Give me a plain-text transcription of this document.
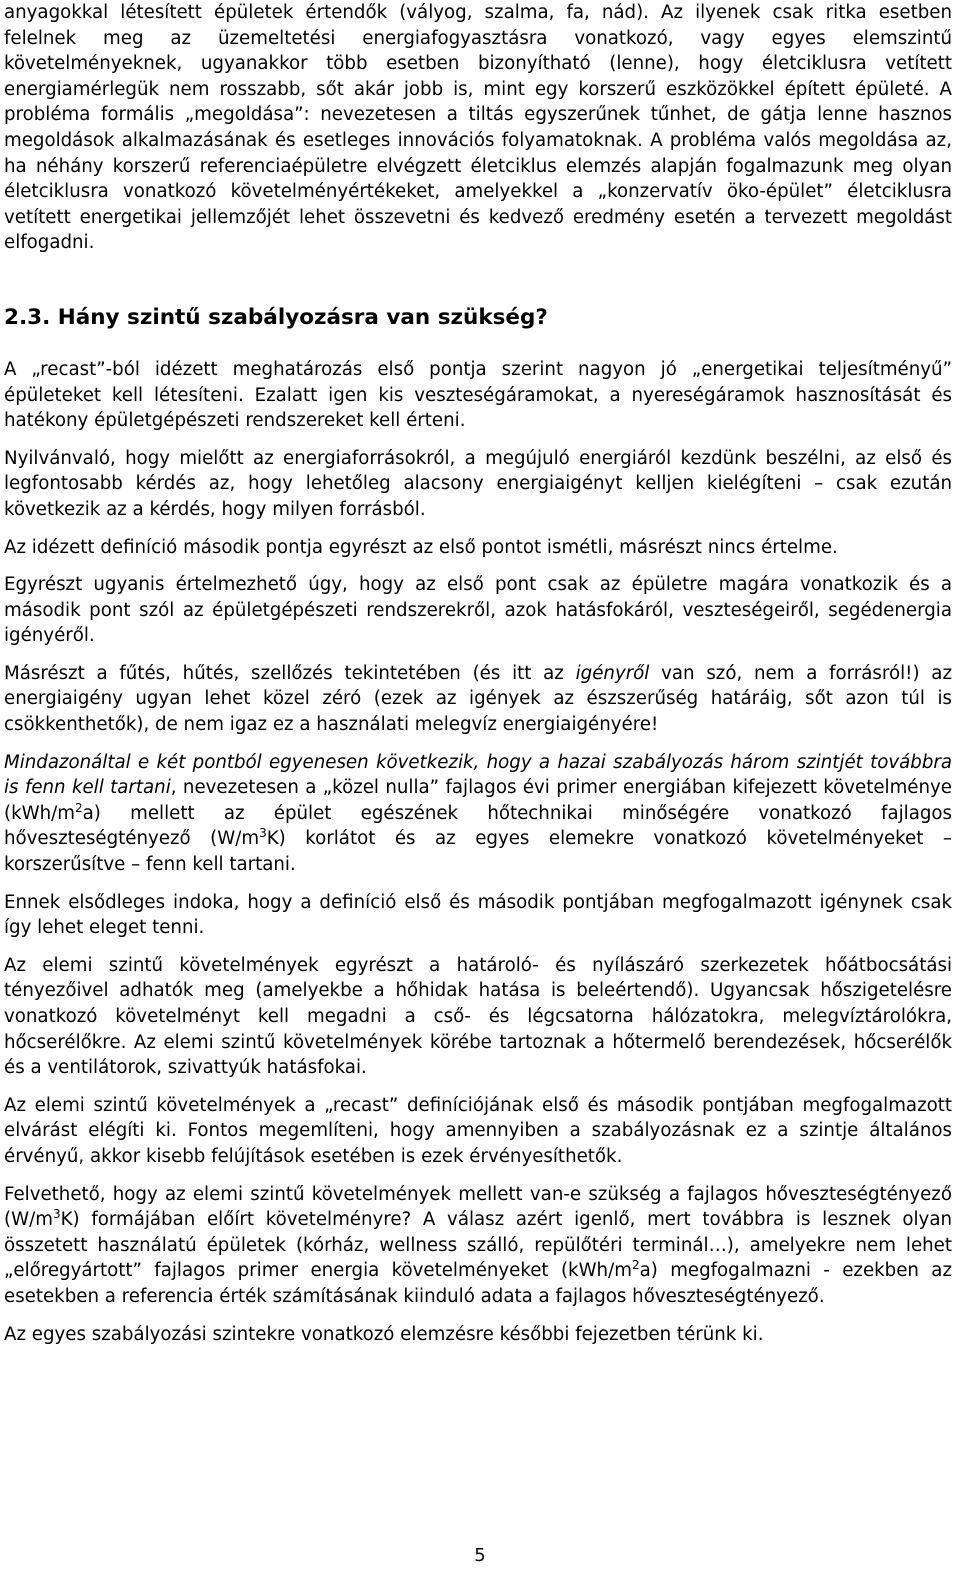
anyagokkal létesített épületek értendők (vályog, szalma, fa, nád). Az ilyenek csak ritka esetben felelnek meg az üzemeltetési energiafogyasztásra vonatkozó, vagy egyes elemszintű követelményeknek, ugyanakkor több esetben bizonyítható (lenne), hogy életciklusra vetített energiamérlegük nem rosszabb, sőt akár jobb is, mint egy korszerű eszközökkel épített épületé. A probléma formális „megoldása”: nevezetesen a tiltás egyszerűnek tűnhet, de gátja lenne hasznos megoldások alkalmazásának és esetleges innovációs folyamatoknak. A probléma valós megoldása az, ha néhány korszerű referenciaépületre elvégzett életciklus elemzés alapján fogalmazunk meg olyan életciklusra vonatkozó követelményértékeket, amelyekkel a „konzervatív öko-épület” életciklusra vetített energetikai jellemzőjét lehet összevetni és kedvező eredmény esetén a tervezett megoldást elfogadni.

2.3. Hány szintű szabályozásra van szükség?

A „recast”-ból idézett meghatározás első pontja szerint nagyon jó „energetikai teljesítményű” épületeket kell létesíteni. Ezalatt igen kis veszteségáramokat, a nyereségáramok hasznosítását és hatékony épületgépészeti rendszereket kell érteni.

Nyilvánvaló, hogy mielőtt az energiaforrásokról, a megújuló energiáról kezdünk beszélni, az első és legfontosabb kérdés az, hogy lehetőleg alacsony energiaigényt kelljen kielégíteni – csak ezután következik az a kérdés, hogy milyen forrásból.

Az idézett definíció második pontja egyrészt az első pontot ismétli, másrészt nincs értelme.

Egyrészt ugyanis értelmezhető úgy, hogy az első pont csak az épületre magára vonatkozik és a második pont szól az épületgépészeti rendszerekről, azok hatásfokáról, veszteségeiről, segédenergia igényéről.

Másrészt a fűtés, hűtés, szellőzés tekintetében (és itt az igényről van szó, nem a forrásról!) az energiaigény ugyan lehet közel zéró (ezek az igények az észszerűség határáig, sőt azon túl is csökkenthetők), de nem igaz ez a használati melegvíz energiaigényére!

Mindazonáltal e két pontból egyenesen következik, hogy a hazai szabályozás három szintjét továbbra is fenn kell tartani, nevezetesen a „közel nulla” fajlagos évi primer energiában kifejezett követelménye $(kWh/m^2a)$ mellett az épület egészének hőtechnikai minőségére vonatkozó fajlagos hőveszteségtényező $(W/m^3K)$ korlátot és az egyes elemekre vonatkozó követelményeket – korszerűsítve – fenn kell tartani.

Ennek elsődleges indoka, hogy a definíció első és második pontjában megfogalmazott igénynek csak így lehet eleget tenni.

Az elemi szintű követelmények egyrészt a határoló- és nyílászáró szerkezetek hőátbocsátási tényezőivel adhatók meg (amelyekbe a hőhidak hatása is beleértendő). Ugyancsak hőszigetelésre vonatkozó követelményt kell megadni a cső- és légcsatorna hálózatokra, melegvíztárolókra, hőcserélőkre. Az elemi szintű követelmények körébe tartoznak a hőtermelő berendezések, hőcserélők és a ventilátorok, szivattyúk hatásfokai.

Az elemi szintű követelmények a „recast” definíciójának első és második pontjában megfogalmazott elvárást elégíti ki. Fontos megemlíteni, hogy amennyiben a szabályozásnak ez a szintje általános érvényű, akkor kisebb felújítások esetében is ezek érvényesíthetők.

Felvethető, hogy az elemi szintű követelmények mellett van-e szükség a fajlagos hőveszteségtényező $(W/m^3K)$ formájában előírt követelményre? A válasz azért igenlő, mert továbbra is lesznek olyan összetett használatú épületek (kórház, wellness szálló, repülőtéri terminál…), amelyekre nem lehet „előregyártott” fajlagos primer energia követelményeket $(kWh/m^2a)$ megfogalmazni - ezekben az esetekben a referencia érték számításának kiinduló adata a fajlagos hőveszteségtényező.

Az egyes szabályozási szintekre vonatkozó elemzésre későbbi fejezetben térünk ki.

5
